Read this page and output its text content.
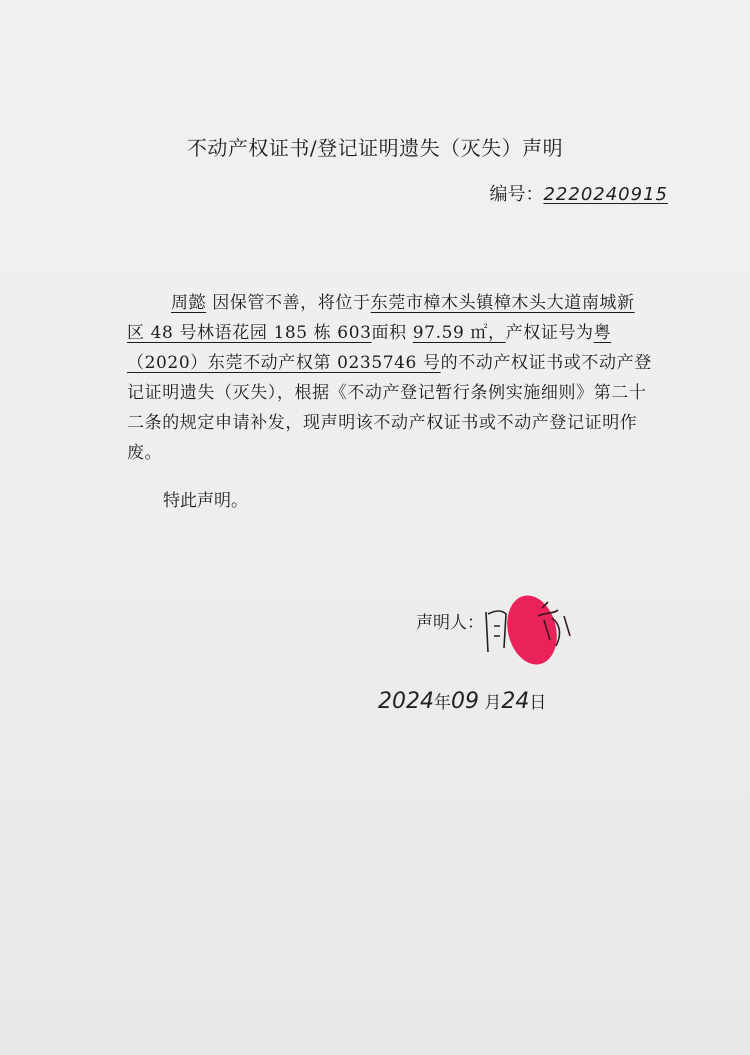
不动产权证书/登记证明遗失（灭失）声明
编号：2220240915

周懿 因保管不善，将位于东莞市樟木头镇樟木头大道南城新区 48 号林语花园 185 栋 603面积 97.59 ㎡，产权证号为粤（2020）东莞不动产权第 0235746 号的不动产权证书或不动产登记证明遗失（灭失），根据《不动产登记暂行条例实施细则》第二十二条的规定申请补发，现声明该不动产权证书或不动产登记证明作废。

特此声明。
声明人：
2024年09 月24日
